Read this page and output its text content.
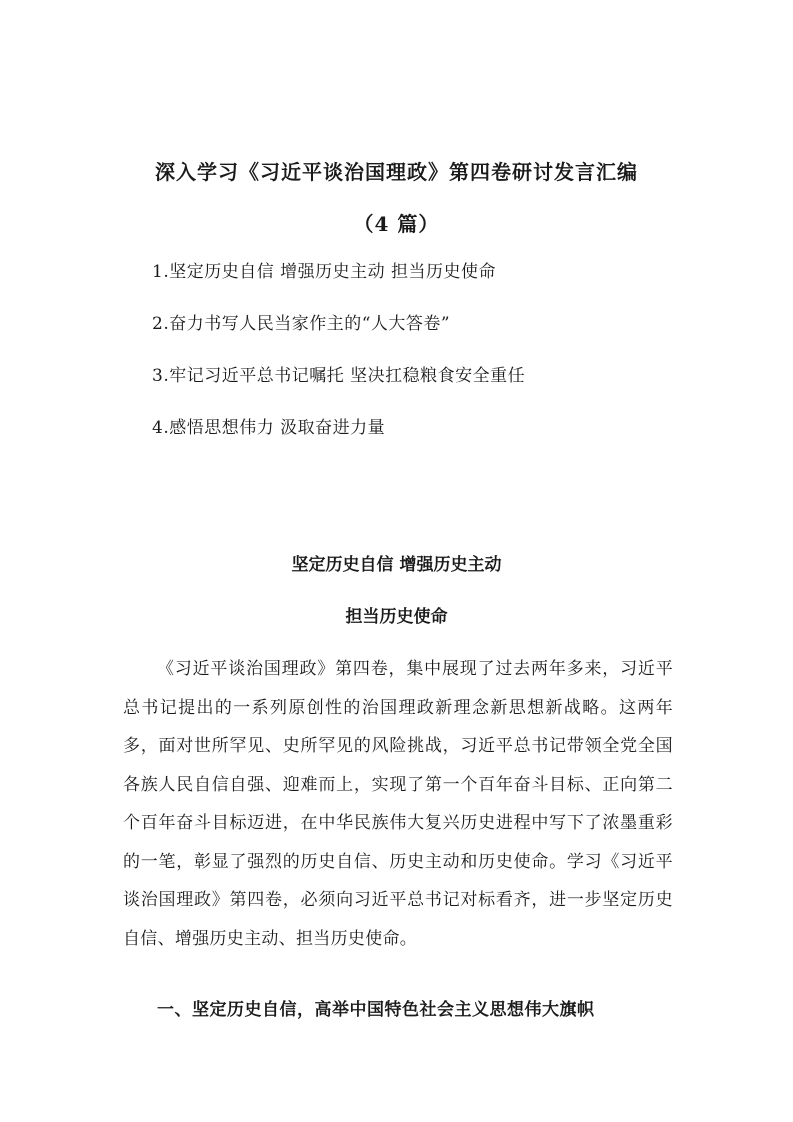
深入学习《习近平谈治国理政》第四卷研讨发言汇编
（4 篇）
1.坚定历史自信 增强历史主动 担当历史使命
2.奋力书写人民当家作主的“人大答卷”
3.牢记习近平总书记嘱托 坚决扛稳粮食安全重任
4.感悟思想伟力 汲取奋进力量
坚定历史自信 增强历史主动
担当历史使命

《习近平谈治国理政》第四卷，集中展现了过去两年多来，习近平总书记提出的一系列原创性的治国理政新理念新思想新战略。这两年多，面对世所罕见、史所罕见的风险挑战，习近平总书记带领全党全国各族人民自信自强、迎难而上，实现了第一个百年奋斗目标、正向第二个百年奋斗目标迈进，在中华民族伟大复兴历史进程中写下了浓墨重彩的一笔，彰显了强烈的历史自信、历史主动和历史使命。学习《习近平谈治国理政》第四卷，必须向习近平总书记对标看齐，进一步坚定历史自信、增强历史主动、担当历史使命。

一、坚定历史自信，高举中国特色社会主义思想伟大旗帜
